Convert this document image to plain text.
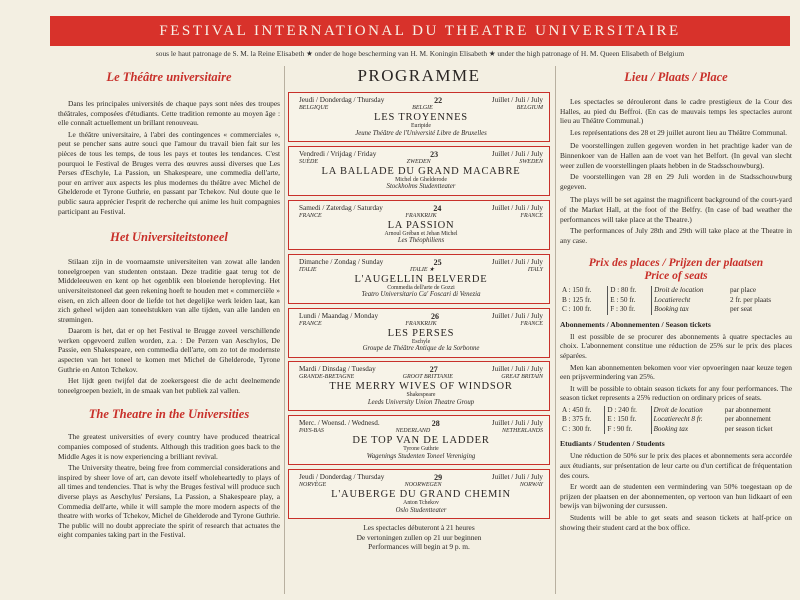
FESTIVAL INTERNATIONAL DU THEATRE UNIVERSITAIRE
sous le haut patronage de S. M. la Reine Elisabeth ★ onder de hoge bescherming van H. M. Koningin Elisabeth ★ under the high patronage of H. M. Queen Elisabeth of Belgium
Le Théâtre universitaire

Dans les principales universités de chaque pays sont nées des troupes théâtrales, composées d'étudiants. Cette tradition remonte au moyen âge : elle connaît actuellement un brillant renouveau.

Le théâtre universitaire, à l'abri des contingences « commerciales », peut se pencher sans autre souci que l'amour du travail bien fait sur les pièces de tous les temps, de tous les pays et toutes les tendances. C'est pourquoi le Festival de Bruges verra des œuvres aussi diverses que Les Perses d'Eschyle, La Passion, un Shakespeare, une commedia dell'arte, pour en arriver aux aspects les plus modernes du théâtre avec Michel de Ghelderode et Tyrone Guthrie, en passant par Tchekov. Nul doute que le public saura apprécier l'esprit de recherche qui anime les huit compagnies participant au Festival.

Het Universiteitstoneel

Stilaan zijn in de voornaamste universiteiten van zowat alle landen toneelgroepen van studenten ontstaan. Deze traditie gaat terug tot de Middeleeuwen en kent op het ogenblik een bloeiende heropleving. Het universiteitstoneel dat geen rekening hoeft te houden met « commerciële » eisen, en zich alleen door de liefde tot het degelijke werk leiden laat, kan zich geheel wijden aan toneelstukken van alle tijden, van alle landen en strømingen.

Daarom is het, dat er op het Festival te Brugge zoveel verschillende werken opgevoerd zullen worden, z.a. : De Perzen van Aeschylos, De Passie, een Shakespeare, een commedia dell'arte, om zo tot de modernste aspecten van het toneel te komen met Michel de Ghelderode, Tyrone Guthrie en Anton Tchekov.

Het lijdt geen twijfel dat de zoekersgeest die de acht deelnemende toneelgroepen bezielt, in de smaak van het publiek zal vallen.

The Theatre in the Universities

The greatest universities of every country have produced theatrical companies composed of students. Although this tradition goes back to the Middle Ages it is now experiencing a brilliant revival.

The University theatre, being free from commercial considerations and inspired by sheer love of art, can devote itself wholeheartedly to plays of all times and tendencies. That is why the Bruges festival will produce such diverse plays as Aeschylus' Persians, La Passion, a Shakespeare play, a Commedia dell'arte, while it will sample the more modern aspects of the theatre with works of Tchekov, Michel de Ghelderode and Tyrone Guthrie. The public will no doubt appreciate the spirit of research that actuates the eight companies taking part in the Festival.

PROGRAMME
Jeudi / Donderdag / Thursday	22	Juillet / Juli / July
BELGIQUE	BELGIE	BELGIUM
LES TROYENNES
Euripide
Jeune Théâtre de l'Université Libre de Bruxelles
Vendredi / Vrijdag / Friday	23	Juillet / Juli / July
SUÈDE	ZWEDEN	SWEDEN
LA BALLADE DU GRAND MACABRE
Michel de Ghelderode
Stockholms Studentteater
Samedi / Zaterdag / Saturday	24	Juillet / Juli / July
FRANCE	FRANKRIJK	FRANCE
LA PASSION
Arnoul Gréban et Jehan Michel
Les Théophiliens
Dimanche / Zondag / Sunday	25	Juillet / Juli / July
ITALIE	ITALIE ★	ITALY
L'AUGELLIN BELVERDE
Commedia dell'arte de Gozzi
Teatro Universitario Ca' Foscari di Venezia
Lundi / Maandag / Monday	26	Juillet / Juli / July
FRANCE	FRANKRIJK	FRANCE
LES PERSES
Eschyle
Groupe de Théâtre Antique de la Sorbonne
Mardi / Dinsdag / Tuesday	27	Juillet / Juli / July
GRANDE-BRETAGNE	GROOT BRITTANIE	GREAT BRITAIN
THE MERRY WIVES OF WINDSOR
Shakespeare
Leeds University Union Theatre Group
Merc. / Woensd. / Wednesd.	28	Juillet / Juli / July
PAYS-BAS	NEDERLAND	NETHERLANDS
DE TOP VAN DE LADDER
Tyrone Guthrie
Wagenings Studenten Toneel Vereniging
Jeudi / Donderdag / Thursday	29	Juillet / Juli / July
NORVÈGE	NOORWEGEN	NORWAY
L'AUBERGE DU GRAND CHEMIN
Anton Tchekov
Oslo Studentteater
Les spectacles débuteront à 21 heures
De vertoningen zullen op 21 uur beginnen
Performances will begin at 9 p. m.
Lieu / Plaats / Place

Les spectacles se dérouleront dans le cadre prestigieux de la Cour des Halles, au pied du Beffroi. (En cas de mauvais temps les spectacles auront lieu au Théâtre Communal.)

Les représentations des 28 et 29 juillet auront lieu au Théâtre Communal.

De voorstellingen zullen gegeven worden in het prachtige kader van de Binnenkoer van de Hallen aan de voet van het Belfort. (In geval van slecht weer zullen de voorstellingen plaats hebben in de Stadsschouwburg).

De voorstellingen van 28 en 29 Juli worden in de Stadsschouwburg gegeven.

The plays will be set against the magnificent background of the court-yard of the Market Hall, at the foot of the Belfry. (In case of bad weather the performances will take place at the Theatre.)

The performances of July 28th and 29th will take place at the Theatre in any case.

Prix des places / Prijzen der plaatsen
Price of seats
A : 150 fr.	D : 80 fr.	Droit de location	par place
B : 125 fr.	E : 50 fr.	Locatierecht	2 fr. per plaats
C : 100 fr.	F : 30 fr.	Booking tax	per seat
Abonnements / Abonnementen / Season tickets

Il est possible de se procurer des abonnements à quatre spectacles au choix. L'abonnement constitue une réduction de 25% sur le prix des places séparées.

Men kan abonnementen bekomen voor vier opvoeringen naar keuze tegen een prijsvermindering van 25%.

It will be possible to obtain season tickets for any four performances. The season ticket represents a 25% reduction on ordinary prices of seats.

A : 450 fr.	D : 240 fr.	Droit de location	par abonnement
B : 375 fr.	E : 150 fr.	Locatierecht 8 fr.	per abonnement
C : 300 fr.	F : 90 fr.	Booking tax	per season ticket
Etudiants / Studenten / Students

Une réduction de 50% sur le prix des places et abonnements sera accordée aux étudiants, sur présentation de leur carte ou d'un certificat de fréquentation des cours.

Er wordt aan de studenten een vermindering van 50% toegestaan op de prijzen der plaatsen en der abonnementen, op vertoon van hun lidkaart of een bewijs van bijwoning der cursussen.

Students will be able to get seats and season tickets at half-price on showing their student card at the box office.
